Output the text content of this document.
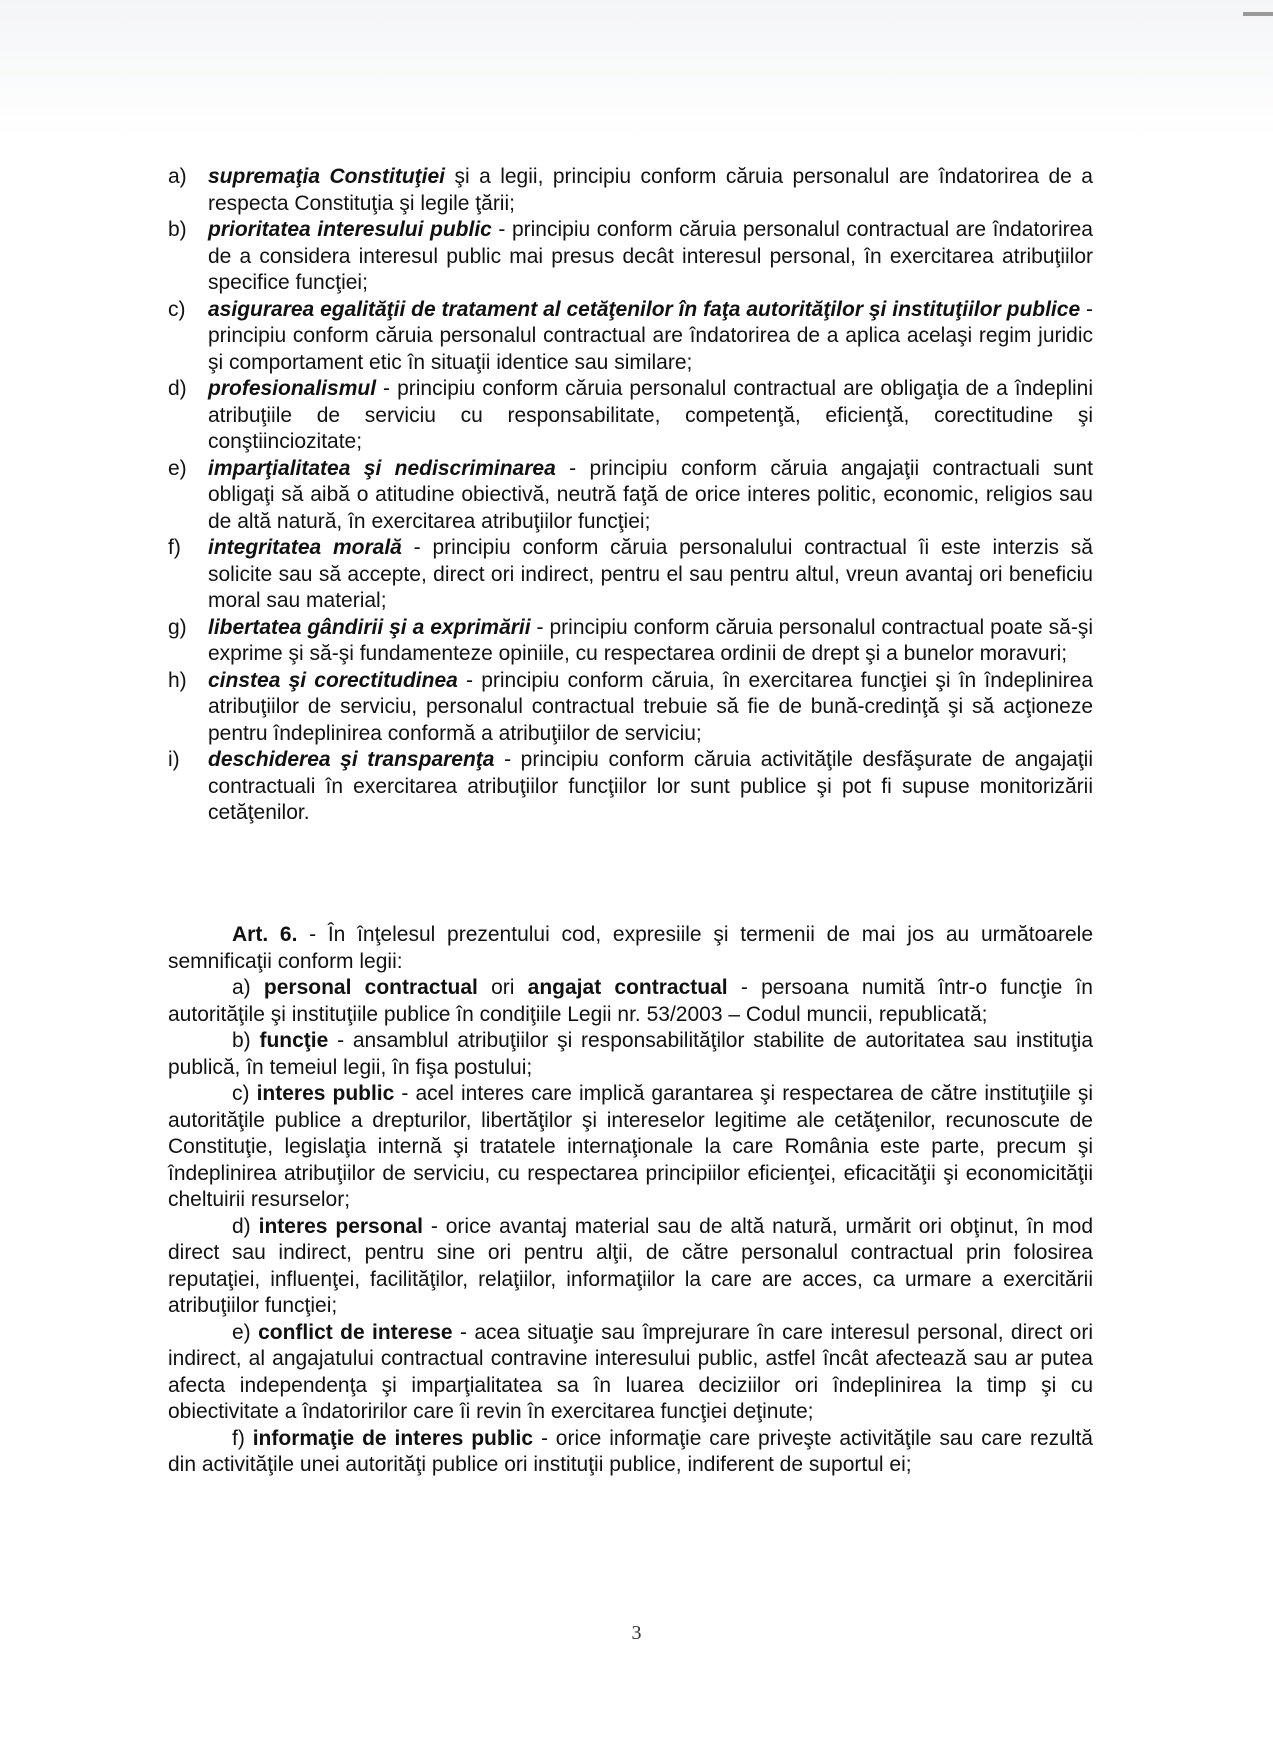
a) supremaţia Constituţiei şi a legii, principiu conform căruia personalul are îndatorirea de a respecta Constituţia şi legile ţării;
b) prioritatea interesului public - principiu conform căruia personalul contractual are îndatorirea de a considera interesul public mai presus decât interesul personal, în exercitarea atribuţiilor specifice funcţiei;
c) asigurarea egalităţii de tratament al cetăţenilor în faţa autorităţilor şi instituţiilor publice - principiu conform căruia personalul contractual are îndatorirea de a aplica acelaşi regim juridic şi comportament etic în situaţii identice sau similare;
d) profesionalismul - principiu conform căruia personalul contractual are obligaţia de a îndeplini atribuţiile de serviciu cu responsabilitate, competenţă, eficienţă, corectitudine şi conştiinciozitate;
e) imparţialitatea şi nediscriminarea - principiu conform căruia angajaţii contractuali sunt obligaţi să aibă o atitudine obiectivă, neutră faţă de orice interes politic, economic, religios sau de altă natură, în exercitarea atribuţiilor funcţiei;
f) integritatea morală - principiu conform căruia personalului contractual îi este interzis să solicite sau să accepte, direct ori indirect, pentru el sau pentru altul, vreun avantaj ori beneficiu moral sau material;
g) libertatea gândirii şi a exprimării - principiu conform căruia personalul contractual poate să-şi exprime şi să-şi fundamenteze opiniile, cu respectarea ordinii de drept şi a bunelor moravuri;
h) cinstea şi corectitudinea - principiu conform căruia, în exercitarea funcţiei şi în îndeplinirea atribuţiilor de serviciu, personalul contractual trebuie să fie de bună-credinţă şi să acţioneze pentru îndeplinirea conformă a atribuţiilor de serviciu;
i) deschiderea şi transparenţa - principiu conform căruia activităţile desfăşurate de angajaţii contractuali în exercitarea atribuţiilor funcţiilor lor sunt publice şi pot fi supuse monitorizării cetăţenilor.

Art. 6. - În înţelesul prezentului cod, expresiile şi termenii de mai jos au următoarele semnificaţii conform legii:

a) personal contractual ori angajat contractual - persoana numită într-o funcţie în autorităţile şi instituţiile publice în condiţiile Legii nr. 53/2003 – Codul muncii, republicată;

b) funcţie - ansamblul atribuţiilor şi responsabilităţilor stabilite de autoritatea sau instituţia publică, în temeiul legii, în fişa postului;

c) interes public - acel interes care implică garantarea şi respectarea de către instituţiile şi autorităţile publice a drepturilor, libertăţilor şi intereselor legitime ale cetăţenilor, recunoscute de Constituţie, legislaţia internă şi tratatele internaţionale la care România este parte, precum şi îndeplinirea atribuţiilor de serviciu, cu respectarea principiilor eficienţei, eficacităţii şi economicităţii cheltuirii resurselor;

d) interes personal - orice avantaj material sau de altă natură, urmărit ori obţinut, în mod direct sau indirect, pentru sine ori pentru alţii, de către personalul contractual prin folosirea reputaţiei, influenţei, facilităţilor, relaţiilor, informaţiilor la care are acces, ca urmare a exercitării atribuţiilor funcţiei;

e) conflict de interese - acea situaţie sau împrejurare în care interesul personal, direct ori indirect, al angajatului contractual contravine interesului public, astfel încât afectează sau ar putea afecta independenţa şi imparţialitatea sa în luarea deciziilor ori îndeplinirea la timp şi cu obiectivitate a îndatoririlor care îi revin în exercitarea funcţiei deţinute;

f) informaţie de interes public - orice informaţie care priveşte activităţile sau care rezultă din activităţile unei autorităţi publice ori instituţii publice, indiferent de suportul ei;

3
